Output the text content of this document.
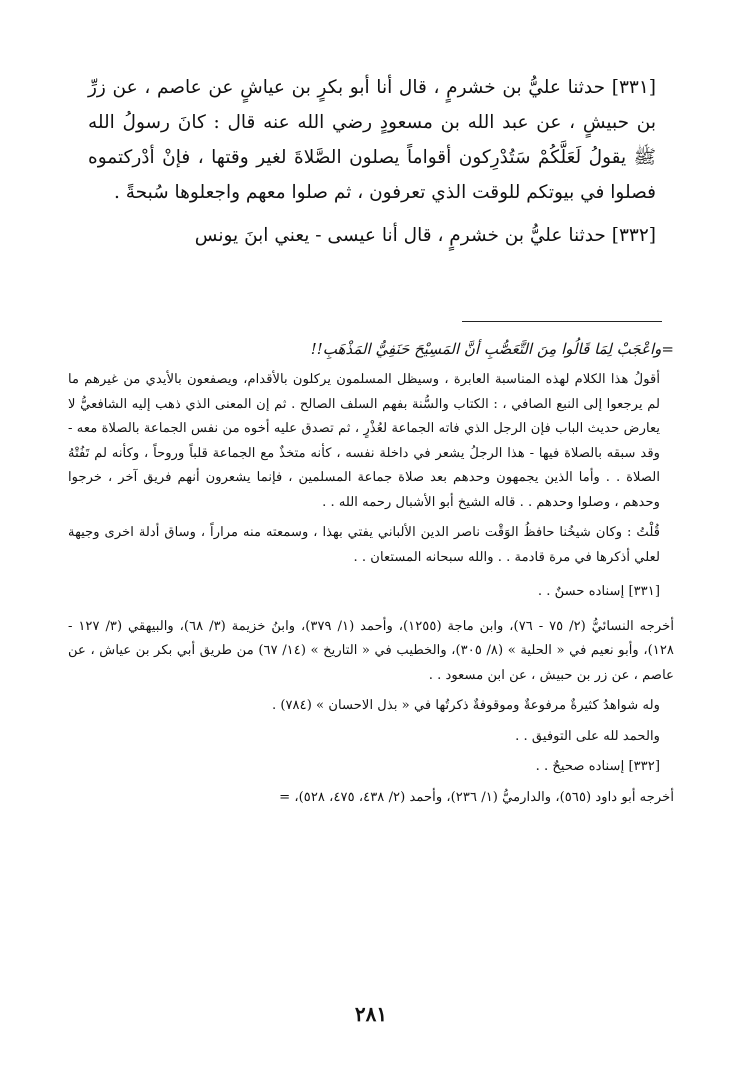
[٣٣١] حدثنا عليُّ بن خشرمٍ ، قال أنا أبو بكرٍ بن عياشٍ عن عاصم ، عن زرِّ بن حبيشٍ ، عن عبد الله بن مسعودٍ رضي الله عنه قال : كانَ رسولُ الله ﷺ يقولُ لَعَلَّكُمْ سَتُدْرِكون أقواماً يصلون الصَّلاةَ لغير وقتها ، فإنْ أدْركتموه فصلوا في بيوتكم للوقت الذي تعرفون ، ثم صلوا معهم واجعلوها سُبحةً .

[٣٣٢] حدثنا عليُّ بن خشرمٍ ، قال أنا عيسى - يعني ابنَ يونس

=واعْجَبْ لِمَا قَالُوا مِنَ التَّعَصُّبِ أنَّ المَسِيْحَ حَنَفِيُّ المَذْهَبِ!!

أقولُ هذا الكلام لهذه المناسبة العابرة ، وسيظل المسلمون يركلون بالأقدام، ويصفعون بالأيدي من غيرهم ما لم يرجعوا إلى النبع الصافي ، : الكتاب والسُّنة بفهم السلف الصالح . ثم إن المعنى الذي ذهب إليه الشافعيُّ لا يعارض حديث الباب فإن الرجل الذي فاته الجماعة لعُذْرٍ ، ثم تصدق عليه أخوه من نفس الجماعة بالصلاة معه - وقد سبقه بالصلاة فيها - هذا الرجلُ يشعر في داخلة نفسه ، كأنه متخذٌ مع الجماعة قلباً وروحاً ، وكأنه لم تَفُتْهُ الصلاة . . وأما الذين يجمهون وحدهم بعد صلاة جماعة المسلمين ، فإنما يشعرون أنهم فريق آخر ، خرجوا وحدهم ، وصلوا وحدهم . . قاله الشيخ أبو الأشبال رحمه الله . .

قُلْتُ : وكان شيخُنا حافظُ الوَقْت ناصر الدين الألباني يفتي بهذا ، وسمعته منه مراراً ، وساق أدلة اخرى وجيهة لعلي أذكرها في مرة قادمة . . والله سبحانه المستعان . .

[٣٣١] إسناده حسنٌ . .

أخرجه النسائيُّ (٢/ ٧٥ - ٧٦)، وابن ماجة (١٢٥٥)، وأحمد (١/ ٣٧٩)، وابنُ خزيمة (٣/ ٦٨)، والبيهقي (٣/ ١٢٧ - ١٢٨)، وأبو نعيم في « الحلية » (٨/ ٣٠٥)، والخطيب في « التاريخ » (١٤/ ٦٧) من طريق أبي بكر بن عياش ، عن عاصم ، عن زر بن حبيش ، عن ابن مسعود . .

وله شواهدُ كثيرةٌ مرفوعةٌ وموقوفةٌ ذكرتُها في « بذل الاحسان » (٧٨٤) .

والحمد لله على التوفيق . .

[٣٣٢] إسناده صحيحٌ . .

أخرجه أبو داود (٥٦٥)، والدارميُّ (١/ ٢٣٦)، وأحمد (٢/ ٤٣٨، ٤٧٥، ٥٢٨)، =

٢٨١
